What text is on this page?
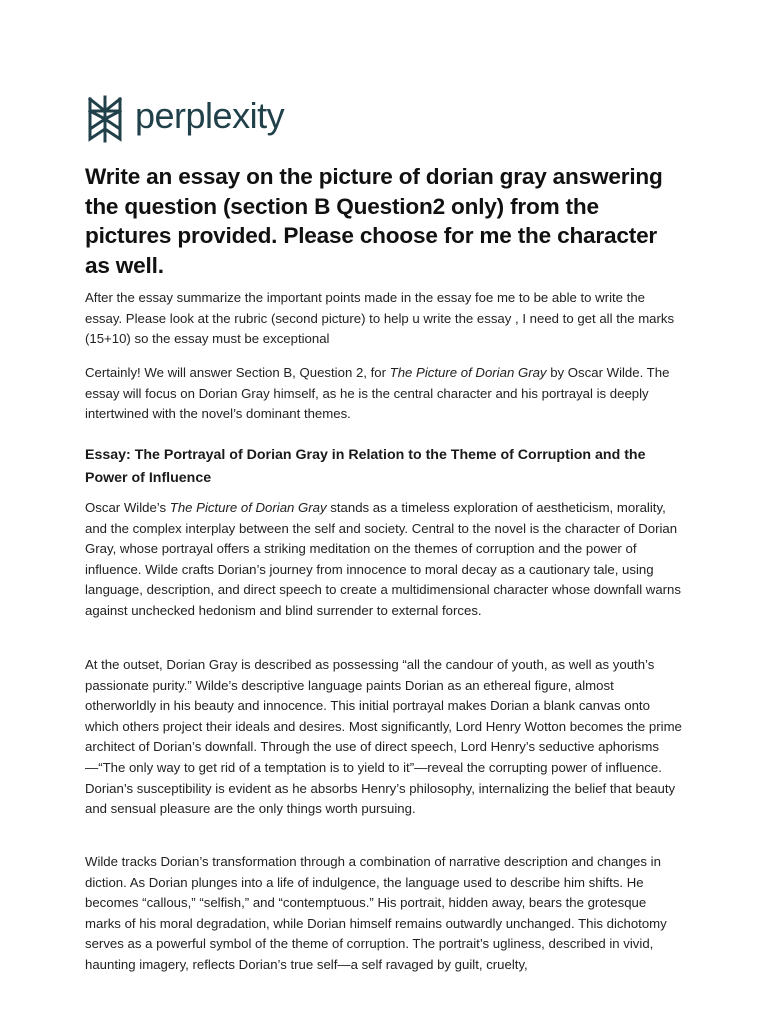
perplexity
Write an essay on the picture of dorian gray answering the question (section B Question2 only) from the pictures provided. Please choose for me the character as well.

After the essay summarize the important points made in the essay foe me to be able to write the essay. Please look at the rubric (second picture) to help u write the essay , I need to get all the marks (15+10) so the essay must be exceptional

Certainly! We will answer Section B, Question 2, for The Picture of Dorian Gray by Oscar Wilde. The essay will focus on Dorian Gray himself, as he is the central character and his portrayal is deeply intertwined with the novel’s dominant themes.

Essay: The Portrayal of Dorian Gray in Relation to the Theme of Corruption and the Power of Influence

Oscar Wilde’s The Picture of Dorian Gray stands as a timeless exploration of aestheticism, morality, and the complex interplay between the self and society. Central to the novel is the character of Dorian Gray, whose portrayal offers a striking meditation on the themes of corruption and the power of influence. Wilde crafts Dorian’s journey from innocence to moral decay as a cautionary tale, using language, description, and direct speech to create a multidimensional character whose downfall warns against unchecked hedonism and blind surrender to external forces.

At the outset, Dorian Gray is described as possessing “all the candour of youth, as well as youth’s passionate purity.” Wilde’s descriptive language paints Dorian as an ethereal figure, almost otherworldly in his beauty and innocence. This initial portrayal makes Dorian a blank canvas onto which others project their ideals and desires. Most significantly, Lord Henry Wotton becomes the prime architect of Dorian’s downfall. Through the use of direct speech, Lord Henry’s seductive aphorisms—“The only way to get rid of a temptation is to yield to it”—reveal the corrupting power of influence. Dorian’s susceptibility is evident as he absorbs Henry’s philosophy, internalizing the belief that beauty and sensual pleasure are the only things worth pursuing.

Wilde tracks Dorian’s transformation through a combination of narrative description and changes in diction. As Dorian plunges into a life of indulgence, the language used to describe him shifts. He becomes “callous,” “selfish,” and “contemptuous.” His portrait, hidden away, bears the grotesque marks of his moral degradation, while Dorian himself remains outwardly unchanged. This dichotomy serves as a powerful symbol of the theme of corruption. The portrait’s ugliness, described in vivid, haunting imagery, reflects Dorian’s true self—a self ravaged by guilt, cruelty,
